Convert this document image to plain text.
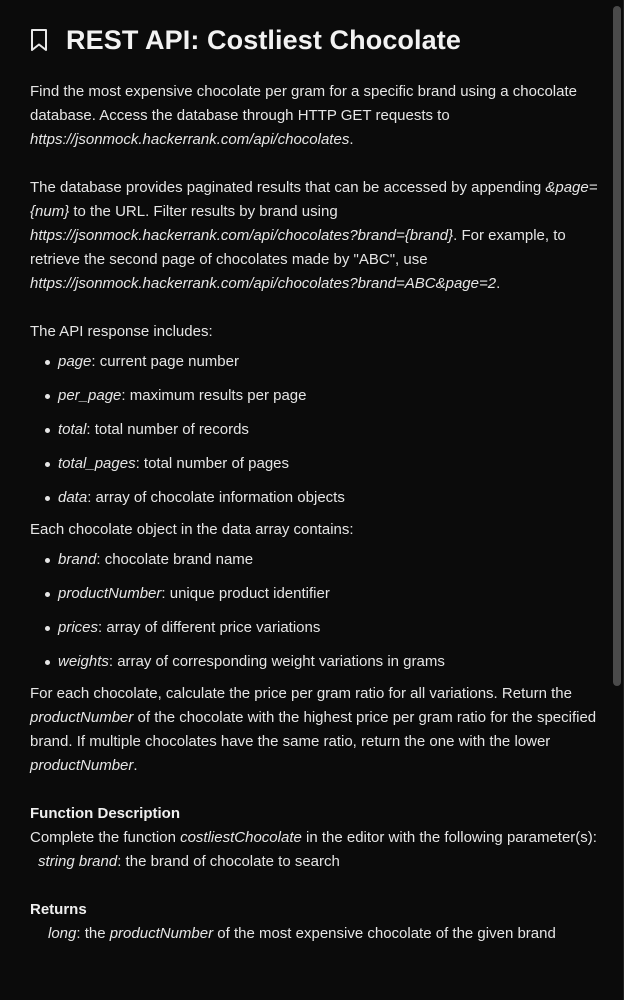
REST API: Costliest Chocolate

Find the most expensive chocolate per gram for a specific brand using a chocolate database. Access the database through HTTP GET requests to https://jsonmock.hackerrank.com/api/chocolates.

The database provides paginated results that can be accessed by appending &page={num} to the URL. Filter results by brand using https://jsonmock.hackerrank.com/api/chocolates?brand={brand}. For example, to retrieve the second page of chocolates made by "ABC", use https://jsonmock.hackerrank.com/api/chocolates?brand=ABC&page=2.

The API response includes:

page: current page number
per_page: maximum results per page
total: total number of records
total_pages: total number of pages
data: array of chocolate information objects

Each chocolate object in the data array contains:

brand: chocolate brand name
productNumber: unique product identifier
prices: array of different price variations
weights: array of corresponding weight variations in grams

For each chocolate, calculate the price per gram ratio for all variations. Return the productNumber of the chocolate with the highest price per gram ratio for the specified brand. If multiple chocolates have the same ratio, return the one with the lower productNumber.

Function Description

Complete the function costliestChocolate in the editor with the following parameter(s):

string brand: the brand of chocolate to search

Returns

long: the productNumber of the most expensive chocolate of the given brand
